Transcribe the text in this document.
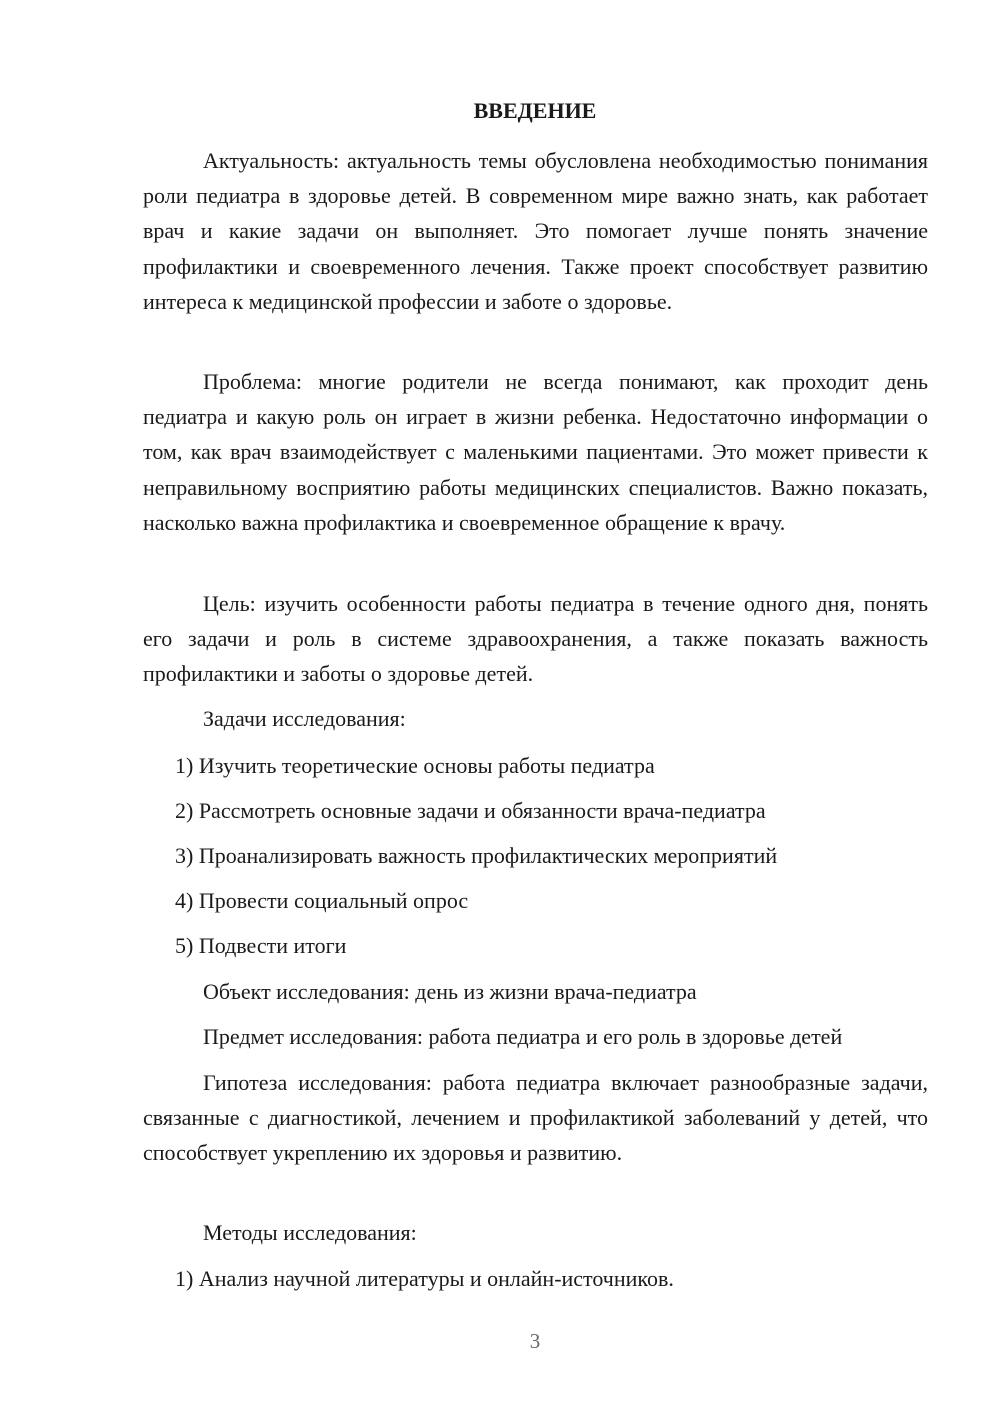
ВВЕДЕНИЕ

Актуальность: актуальность темы обусловлена необходимостью понимания роли педиатра в здоровье детей. В современном мире важно знать, как работает врач и какие задачи он выполняет. Это помогает лучше понять значение профилактики и своевременного лечения. Также проект способствует развитию интереса к медицинской профессии и заботе о здоровье.

Проблема: многие родители не всегда понимают, как проходит день педиатра и какую роль он играет в жизни ребенка. Недостаточно информации о том, как врач взаимодействует с маленькими пациентами. Это может привести к неправильному восприятию работы медицинских специалистов. Важно показать, насколько важна профилактика и своевременное обращение к врачу.

Цель: изучить особенности работы педиатра в течение одного дня, понять его задачи и роль в системе здравоохранения, а также показать важность профилактики и заботы о здоровье детей.

Задачи исследования:

1) Изучить теоретические основы работы педиатра

2) Рассмотреть основные задачи и обязанности врача-педиатра

3) Проанализировать важность профилактических мероприятий

4) Провести социальный опрос

5) Подвести итоги

Объект исследования: день из жизни врача-педиатра

Предмет исследования: работа педиатра и его роль в здоровье детей

Гипотеза исследования: работа педиатра включает разнообразные задачи, связанные с диагностикой, лечением и профилактикой заболеваний у детей, что способствует укреплению их здоровья и развитию.

Методы исследования:

1) Анализ научной литературы и онлайн-источников.

3
